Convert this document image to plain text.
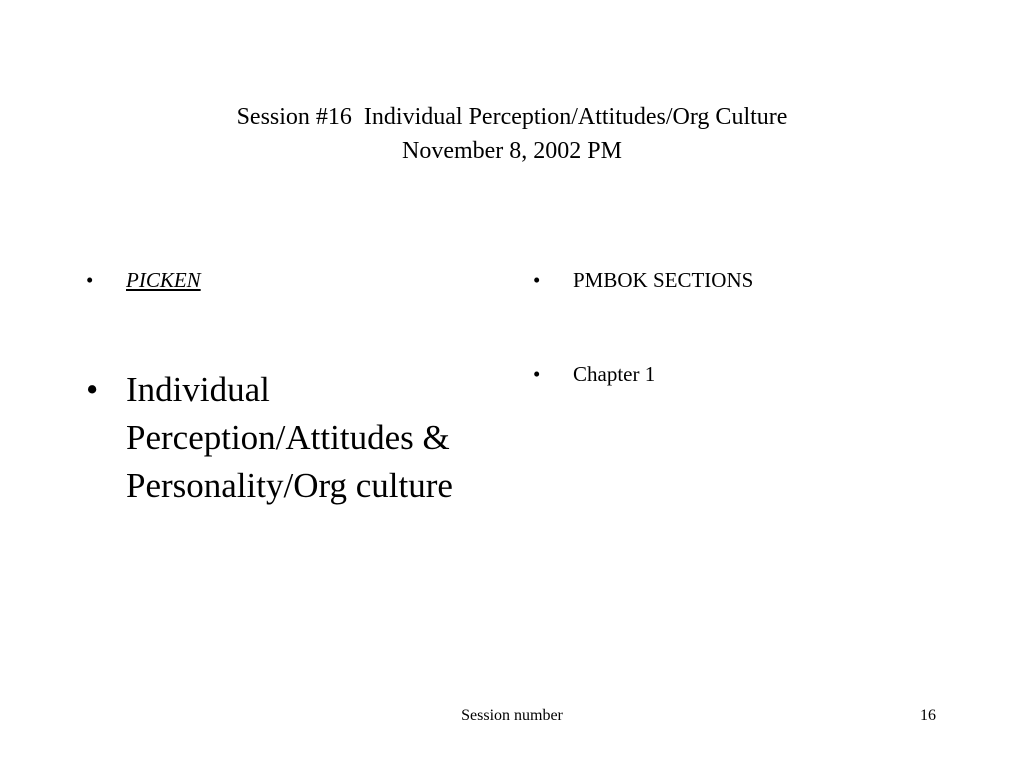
Session #16  Individual Perception/Attitudes/Org Culture
November 8, 2002 PM
• PICKEN
• Individual Perception/Attitudes & Personality/Org culture
• PMBOK SECTIONS
• Chapter 1
Session number	16
